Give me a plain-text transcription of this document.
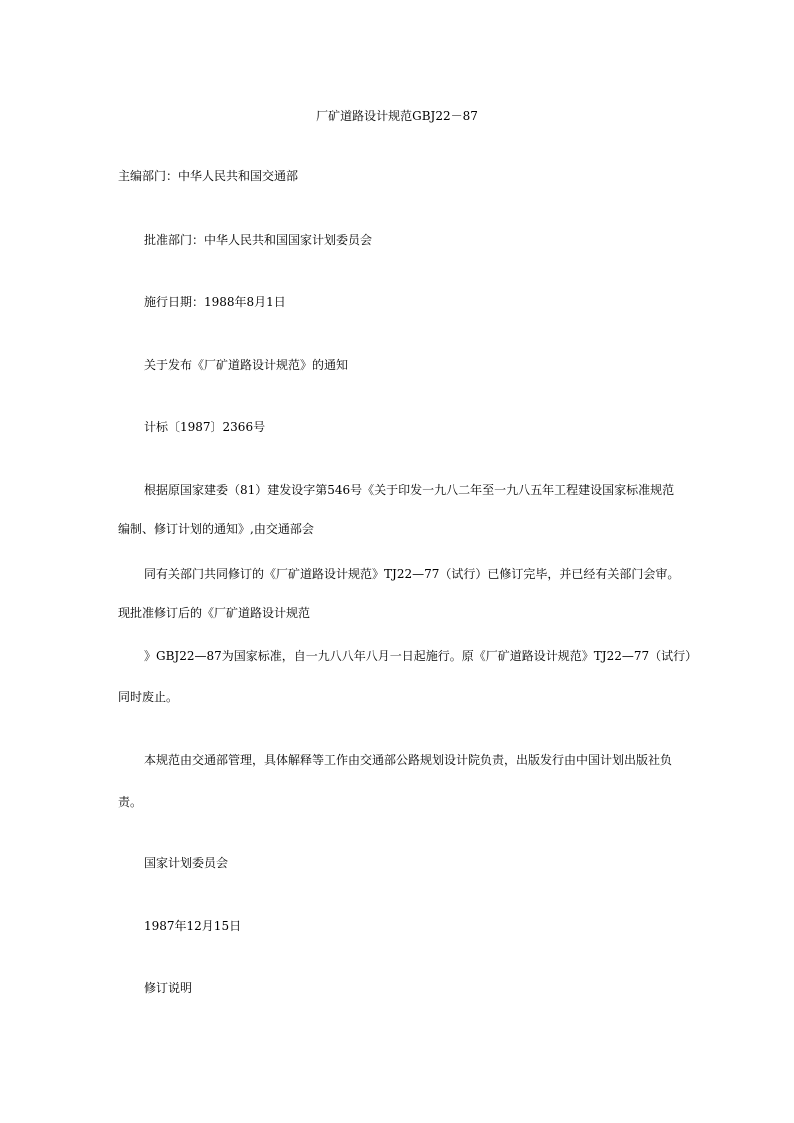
厂矿道路设计规范GBJ22－87
主编部门：中华人民共和国交通部
批准部门：中华人民共和国国家计划委员会
施行日期：1988年8月1日
关于发布《厂矿道路设计规范》的通知
计标〔1987〕2366号
根据原国家建委（81）建发设字第546号《关于印发一九八二年至一九八五年工程建设国家标准规范
编制、修订计划的通知》,由交通部会
同有关部门共同修订的《厂矿道路设计规范》TJ22—77（试行）已修订完毕，并已经有关部门会审。
现批准修订后的《厂矿道路设计规范
》GBJ22—87为国家标准，自一九八八年八月一日起施行。原《厂矿道路设计规范》TJ22—77（试行）
同时废止。
本规范由交通部管理，具体解释等工作由交通部公路规划设计院负责，出版发行由中国计划出版社负
责。
国家计划委员会
1987年12月15日
修订说明
